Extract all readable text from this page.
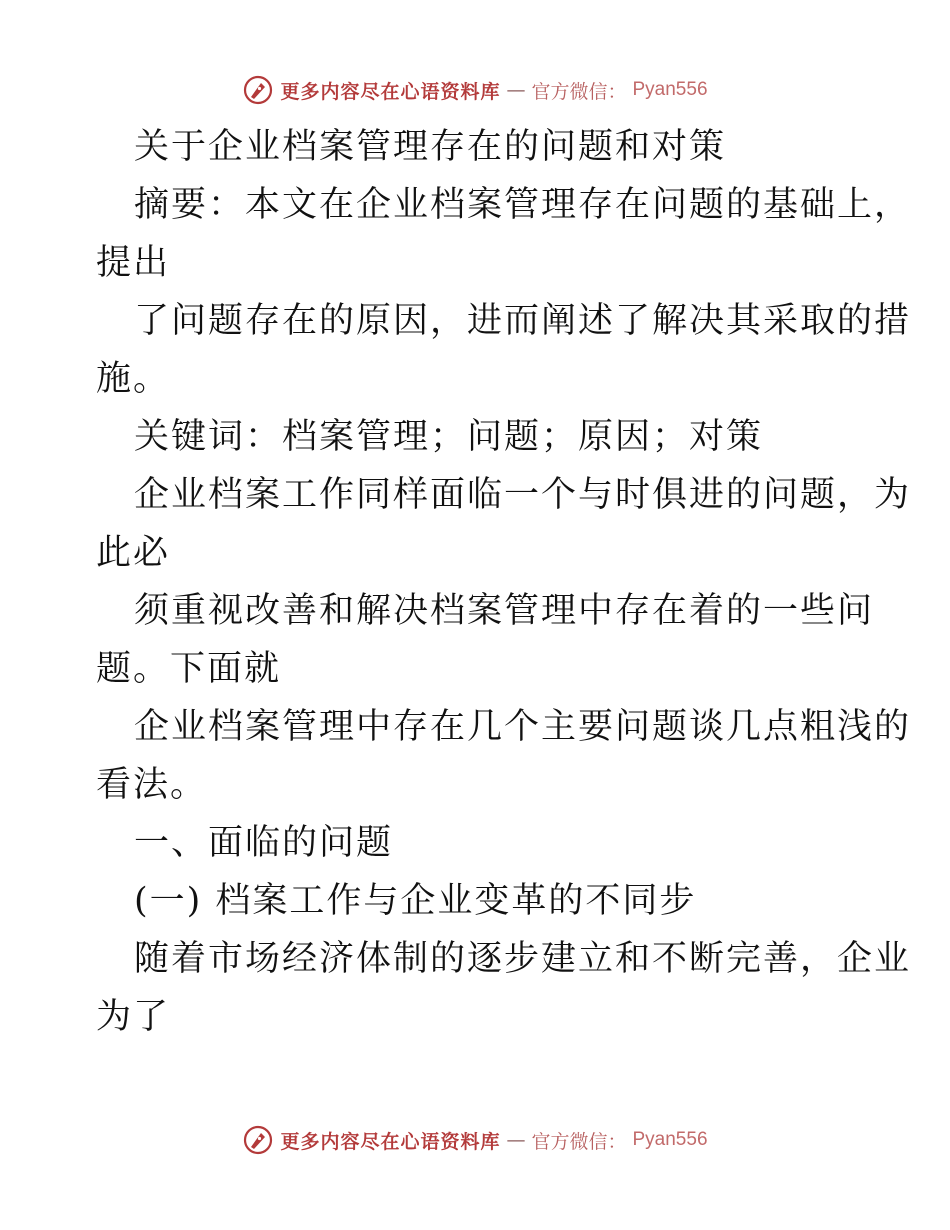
更多内容尽在心语资料库 — 官方微信： Pyan556
关于企业档案管理存在的问题和对策
摘要：本文在企业档案管理存在问题的基础上，
提出
了问题存在的原因，进而阐述了解决其采取的措
施。
关键词：档案管理；问题；原因；对策
企业档案工作同样面临一个与时俱进的问题，为
此必
须重视改善和解决档案管理中存在着的一些问
题。下面就
企业档案管理中存在几个主要问题谈几点粗浅的
看法。
一、面临的问题
(一) 档案工作与企业变革的不同步
随着市场经济体制的逐步建立和不断完善，企业
为了
更多内容尽在心语资料库 — 官方微信： Pyan556
